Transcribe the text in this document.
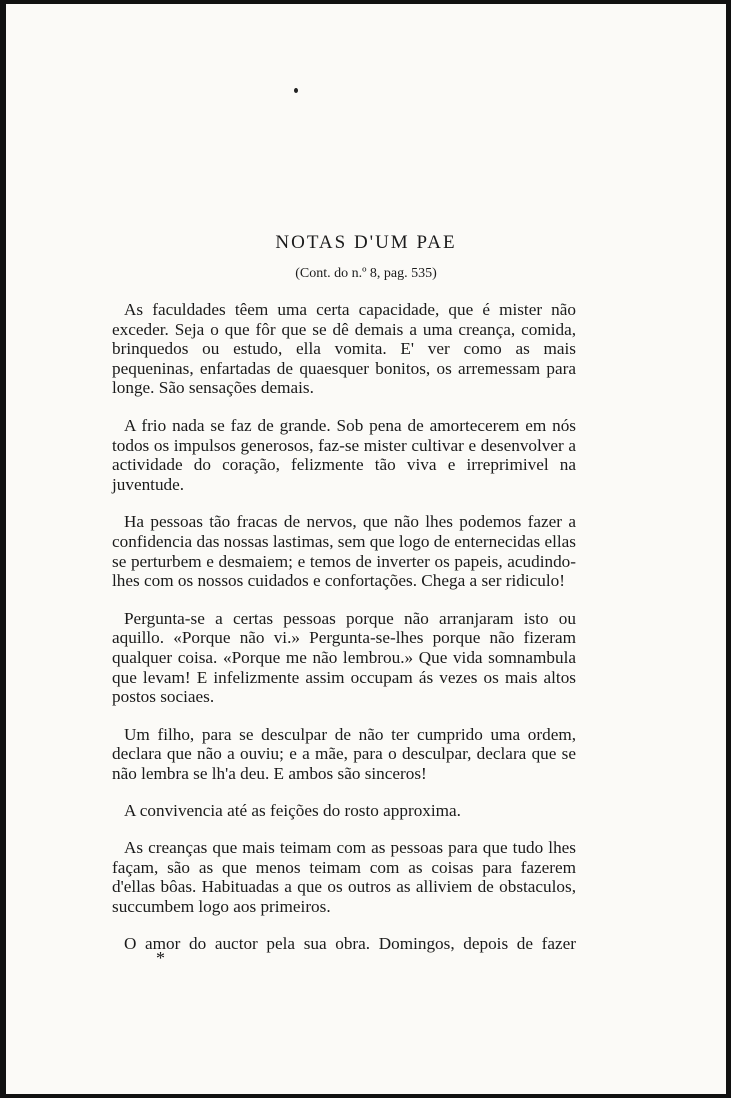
NOTAS D'UM PAE

(Cont. do n.º 8, pag. 535)

As faculdades têem uma certa capacidade, que é mister não exceder. Seja o que fôr que se dê demais a uma creança, comida, brinquedos ou estudo, ella vomita. E' ver como as mais pequeninas, enfartadas de quaesquer bonitos, os arremessam para longe. São sensações demais.

A frio nada se faz de grande. Sob pena de amortecerem em nós todos os impulsos generosos, faz-se mister cultivar e desenvolver a actividade do coração, felizmente tão viva e irreprimivel na juventude.

Ha pessoas tão fracas de nervos, que não lhes podemos fazer a confidencia das nossas lastimas, sem que logo de enternecidas ellas se perturbem e desmaiem; e temos de inverter os papeis, acudindo-lhes com os nossos cuidados e confortações. Chega a ser ridiculo!

Pergunta-se a certas pessoas porque não arranjaram isto ou aquillo. «Porque não vi.» Pergunta-se-lhes porque não fizeram qualquer coisa. «Porque me não lembrou.» Que vida somnambula que levam! E infelizmente assim occupam ás vezes os mais altos postos sociaes.

Um filho, para se desculpar de não ter cumprido uma ordem, declara que não a ouviu; e a mãe, para o desculpar, declara que se não lembra se lh'a deu. E ambos são sinceros!

A convivencia até as feições do rosto approxima.

As creanças que mais teimam com as pessoas para que tudo lhes façam, são as que menos teimam com as coisas para fazerem d'ellas bôas. Habituadas a que os outros as alliviem de obstaculos, succumbem logo aos primeiros.

O amor do auctor pela sua obra. Domingos, depois de fazer

*
